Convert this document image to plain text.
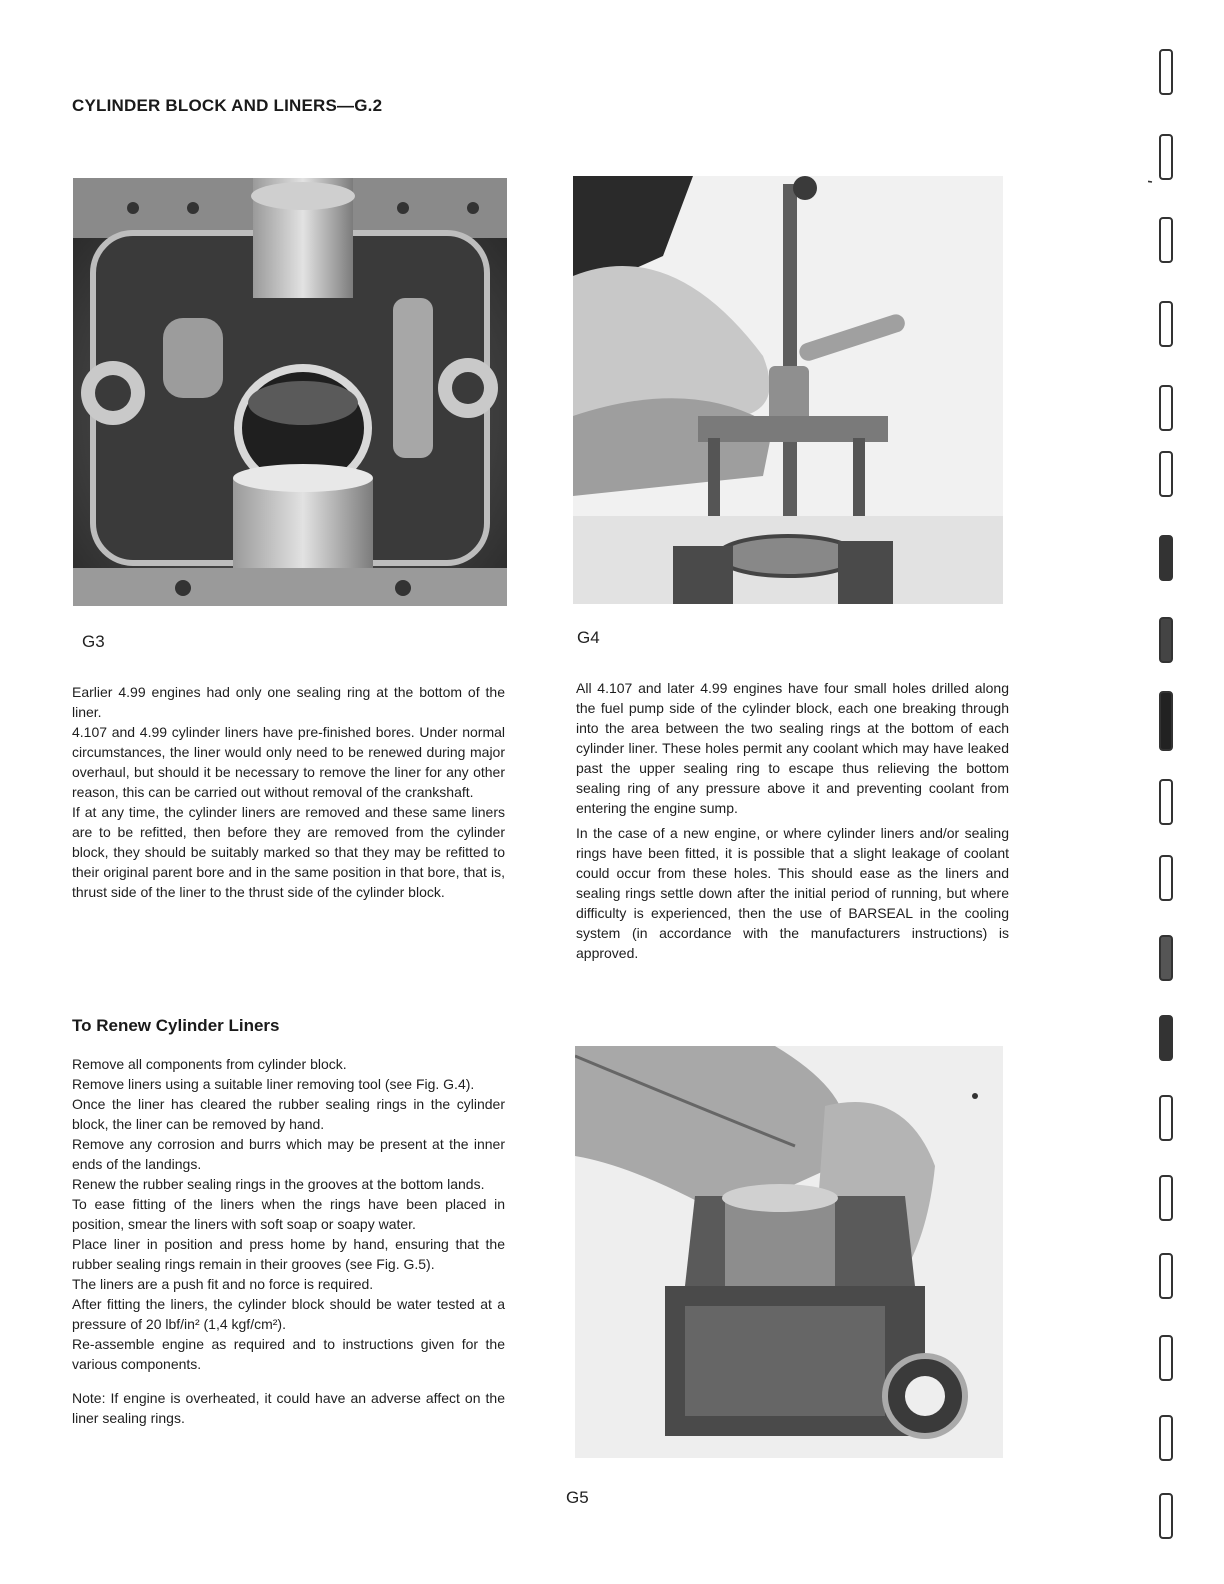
CYLINDER BLOCK AND LINERS—G.2
G3	G4

Earlier 4.99 engines had only one sealing ring at the bottom of the liner.

4.107 and 4.99 cylinder liners have pre-finished bores. Under normal circumstances, the liner would only need to be renewed during major overhaul, but should it be necessary to remove the liner for any other reason, this can be carried out without removal of the crankshaft.

If at any time, the cylinder liners are removed and these same liners are to be refitted, then before they are removed from the cylinder block, they should be suitably marked so that they may be refitted to their original parent bore and in the same position in that bore, that is, thrust side of the liner to the thrust side of the cylinder block.

All 4.107 and later 4.99 engines have four small holes drilled along the fuel pump side of the cylinder block, each one breaking through into the area between the two sealing rings at the bottom of each cylinder liner. These holes permit any coolant which may have leaked past the upper sealing ring to escape thus relieving the bottom sealing ring of any pressure above it and preventing coolant from entering the engine sump.

In the case of a new engine, or where cylinder liners and/or sealing rings have been fitted, it is possible that a slight leakage of coolant could occur from these holes. This should ease as the liners and sealing rings settle down after the initial period of running, but where difficulty is experienced, then the use of BARSEAL in the cooling system (in accordance with the manufacturers instructions) is approved.

To Renew Cylinder Liners

Remove all components from cylinder block.

Remove liners using a suitable liner removing tool (see Fig. G.4).

Once the liner has cleared the rubber sealing rings in the cylinder block, the liner can be removed by hand.

Remove any corrosion and burrs which may be present at the inner ends of the landings.

Renew the rubber sealing rings in the grooves at the bottom lands.

To ease fitting of the liners when the rings have been placed in position, smear the liners with soft soap or soapy water.

Place liner in position and press home by hand, ensuring that the rubber sealing rings remain in their grooves (see Fig. G.5).

The liners are a push fit and no force is required.

After fitting the liners, the cylinder block should be water tested at a pressure of 20 lbf/in² (1,4 kgf/cm²).

Re-assemble engine as required and to instructions given for the various components.

Note: If engine is overheated, it could have an adverse affect on the liner sealing rings.

G5
